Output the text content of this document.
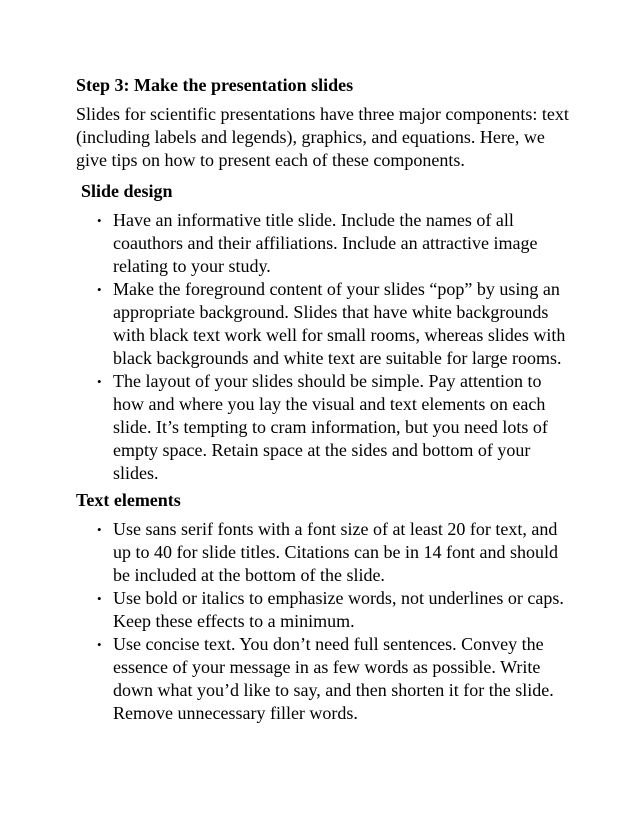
Step 3: Make the presentation slides

Slides for scientific presentations have three major components: text (including labels and legends), graphics, and equations. Here, we give tips on how to present each of these components.

Slide design

• Have an informative title slide. Include the names of all coauthors and their affiliations. Include an attractive image relating to your study.
• Make the foreground content of your slides “pop” by using an appropriate background. Slides that have white backgrounds with black text work well for small rooms, whereas slides with black backgrounds and white text are suitable for large rooms.
• The layout of your slides should be simple. Pay attention to how and where you lay the visual and text elements on each slide. It’s tempting to cram information, but you need lots of empty space. Retain space at the sides and bottom of your slides.

Text elements

• Use sans serif fonts with a font size of at least 20 for text, and up to 40 for slide titles. Citations can be in 14 font and should be included at the bottom of the slide.
• Use bold or italics to emphasize words, not underlines or caps. Keep these effects to a minimum.
• Use concise text. You don’t need full sentences. Convey the essence of your message in as few words as possible. Write down what you’d like to say, and then shorten it for the slide. Remove unnecessary filler words.
